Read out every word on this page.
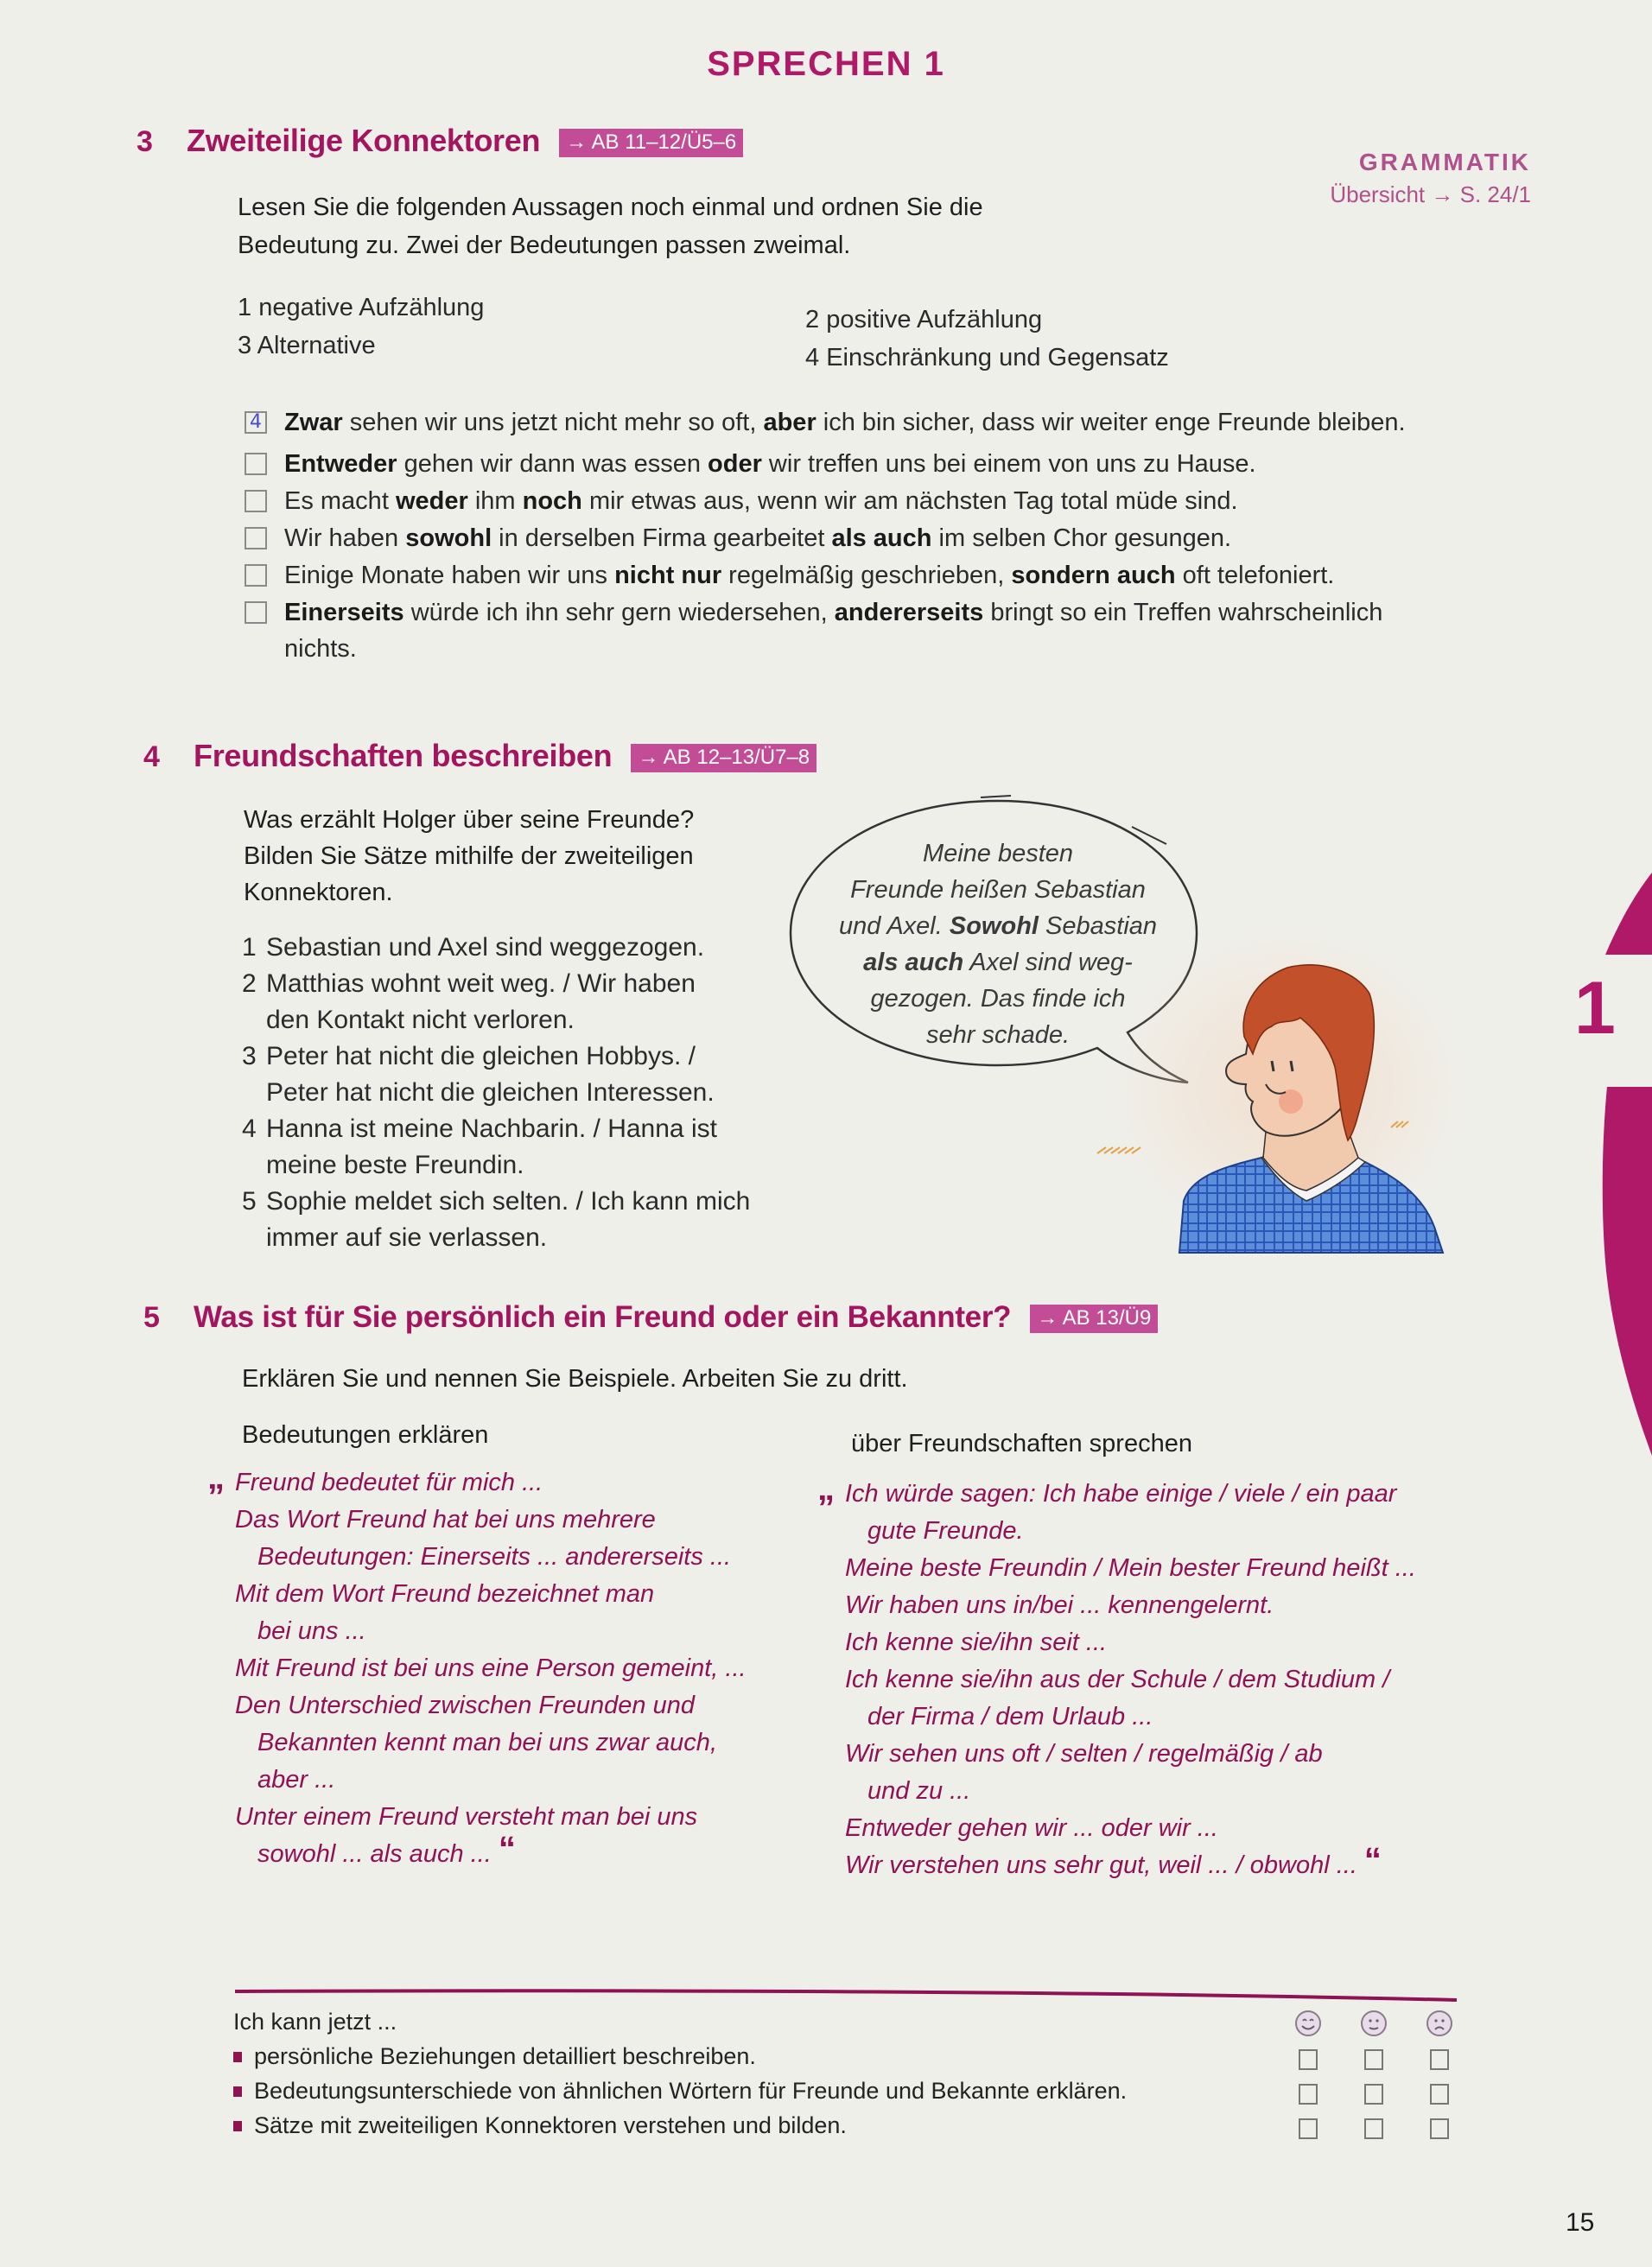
SPRECHEN 1
GRAMMATIK
Übersicht → S. 24/1
3	Zweiteilige Konnektoren	→ AB 11–12/Ü5–6
Lesen Sie die folgenden Aussagen noch einmal und ordnen Sie die
Bedeutung zu. Zwei der Bedeutungen passen zweimal.
1 negative Aufzählung
3 Alternative
2 positive Aufzählung
4 Einschränkung und Gegensatz
4 Zwar sehen wir uns jetzt nicht mehr so oft, aber ich bin sicher, dass wir weiter enge Freunde bleiben.
Entweder gehen wir dann was essen oder wir treffen uns bei einem von uns zu Hause.
Es macht weder ihm noch mir etwas aus, wenn wir am nächsten Tag total müde sind.
Wir haben sowohl in derselben Firma gearbeitet als auch im selben Chor gesungen.
Einige Monate haben wir uns nicht nur regelmäßig geschrieben, sondern auch oft telefoniert.
Einerseits würde ich ihn sehr gern wiedersehen, andererseits bringt so ein Treffen wahrscheinlich nichts.
4	Freundschaften beschreiben	→ AB 12–13/Ü7–8
Was erzählt Holger über seine Freunde?
Bilden Sie Sätze mithilfe der zweiteiligen
Konnektoren.
1 Sebastian und Axel sind weggezogen.
2 Matthias wohnt weit weg. / Wir haben
den Kontakt nicht verloren.
3 Peter hat nicht die gleichen Hobbys. /
Peter hat nicht die gleichen Interessen.
4 Hanna ist meine Nachbarin. / Hanna ist
meine beste Freundin.
5 Sophie meldet sich selten. / Ich kann mich
immer auf sie verlassen.
Meine besten
Freunde heißen Sebastian
und Axel. Sowohl Sebastian
als auch Axel sind weg-
gezogen. Das finde ich
sehr schade.	1
5	Was ist für Sie persönlich ein Freund oder ein Bekannter?	→ AB 13/Ü9
Erklären Sie und nennen Sie Beispiele. Arbeiten Sie zu dritt.
Bedeutungen erklären	über Freundschaften sprechen
„ Freund bedeutet für mich ...
Das Wort Freund hat bei uns mehrere
Bedeutungen: Einerseits ... andererseits ...
Mit dem Wort Freund bezeichnet man
bei uns ...
Mit Freund ist bei uns eine Person gemeint, ...
Den Unterschied zwischen Freunden und
Bekannten kennt man bei uns zwar auch,
aber ...
Unter einem Freund versteht man bei uns
sowohl ... als auch ... “
„ Ich würde sagen: Ich habe einige / viele / ein paar
gute Freunde.
Meine beste Freundin / Mein bester Freund heißt ...
Wir haben uns in/bei ... kennengelernt.
Ich kenne sie/ihn seit ...
Ich kenne sie/ihn aus der Schule / dem Studium /
der Firma / dem Urlaub ...
Wir sehen uns oft / selten / regelmäßig / ab
und zu ...
Entweder gehen wir ... oder wir ...
Wir verstehen uns sehr gut, weil ... / obwohl ... “
Ich kann jetzt ...
persönliche Beziehungen detailliert beschreiben.
Bedeutungsunterschiede von ähnlichen Wörtern für Freunde und Bekannte erklären.
Sätze mit zweiteiligen Konnektoren verstehen und bilden.
15
